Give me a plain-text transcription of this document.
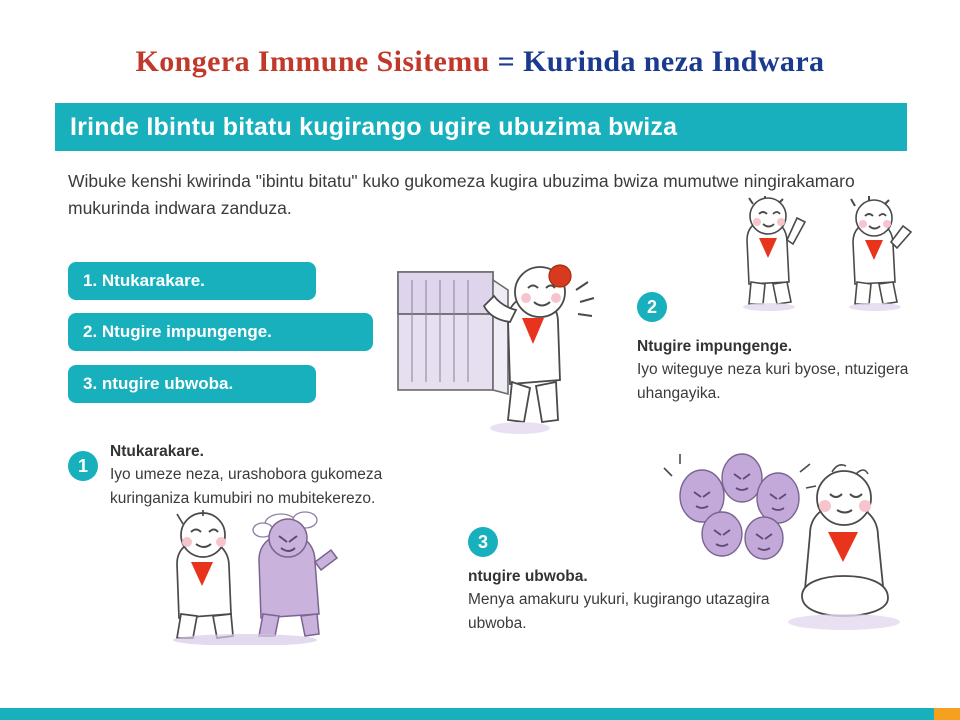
Kongera Immune Sisitemu = Kurinda neza Indwara
Irinde Ibintu bitatu kugirango ugire ubuzima bwiza
Wibuke kenshi kwirinda "ibintu bitatu" kuko gukomeza kugira ubuzima bwiza mumutwe ningirakamaro mukurinda indwara zanduza.
1. Ntukarakare.
2. Ntugire impungenge.
3. ntugire ubwoba.
1
2
3
Ntukarakare.
Iyo umeze neza, urashobora gukomeza kuringaniza kumubiri no mubitekerezo.
Ntugire impungenge.
Iyo witeguye neza kuri byose, ntuzigera uhangayika.
ntugire ubwoba.
Menya amakuru yukuri, kugirango utazagira ubwoba.
